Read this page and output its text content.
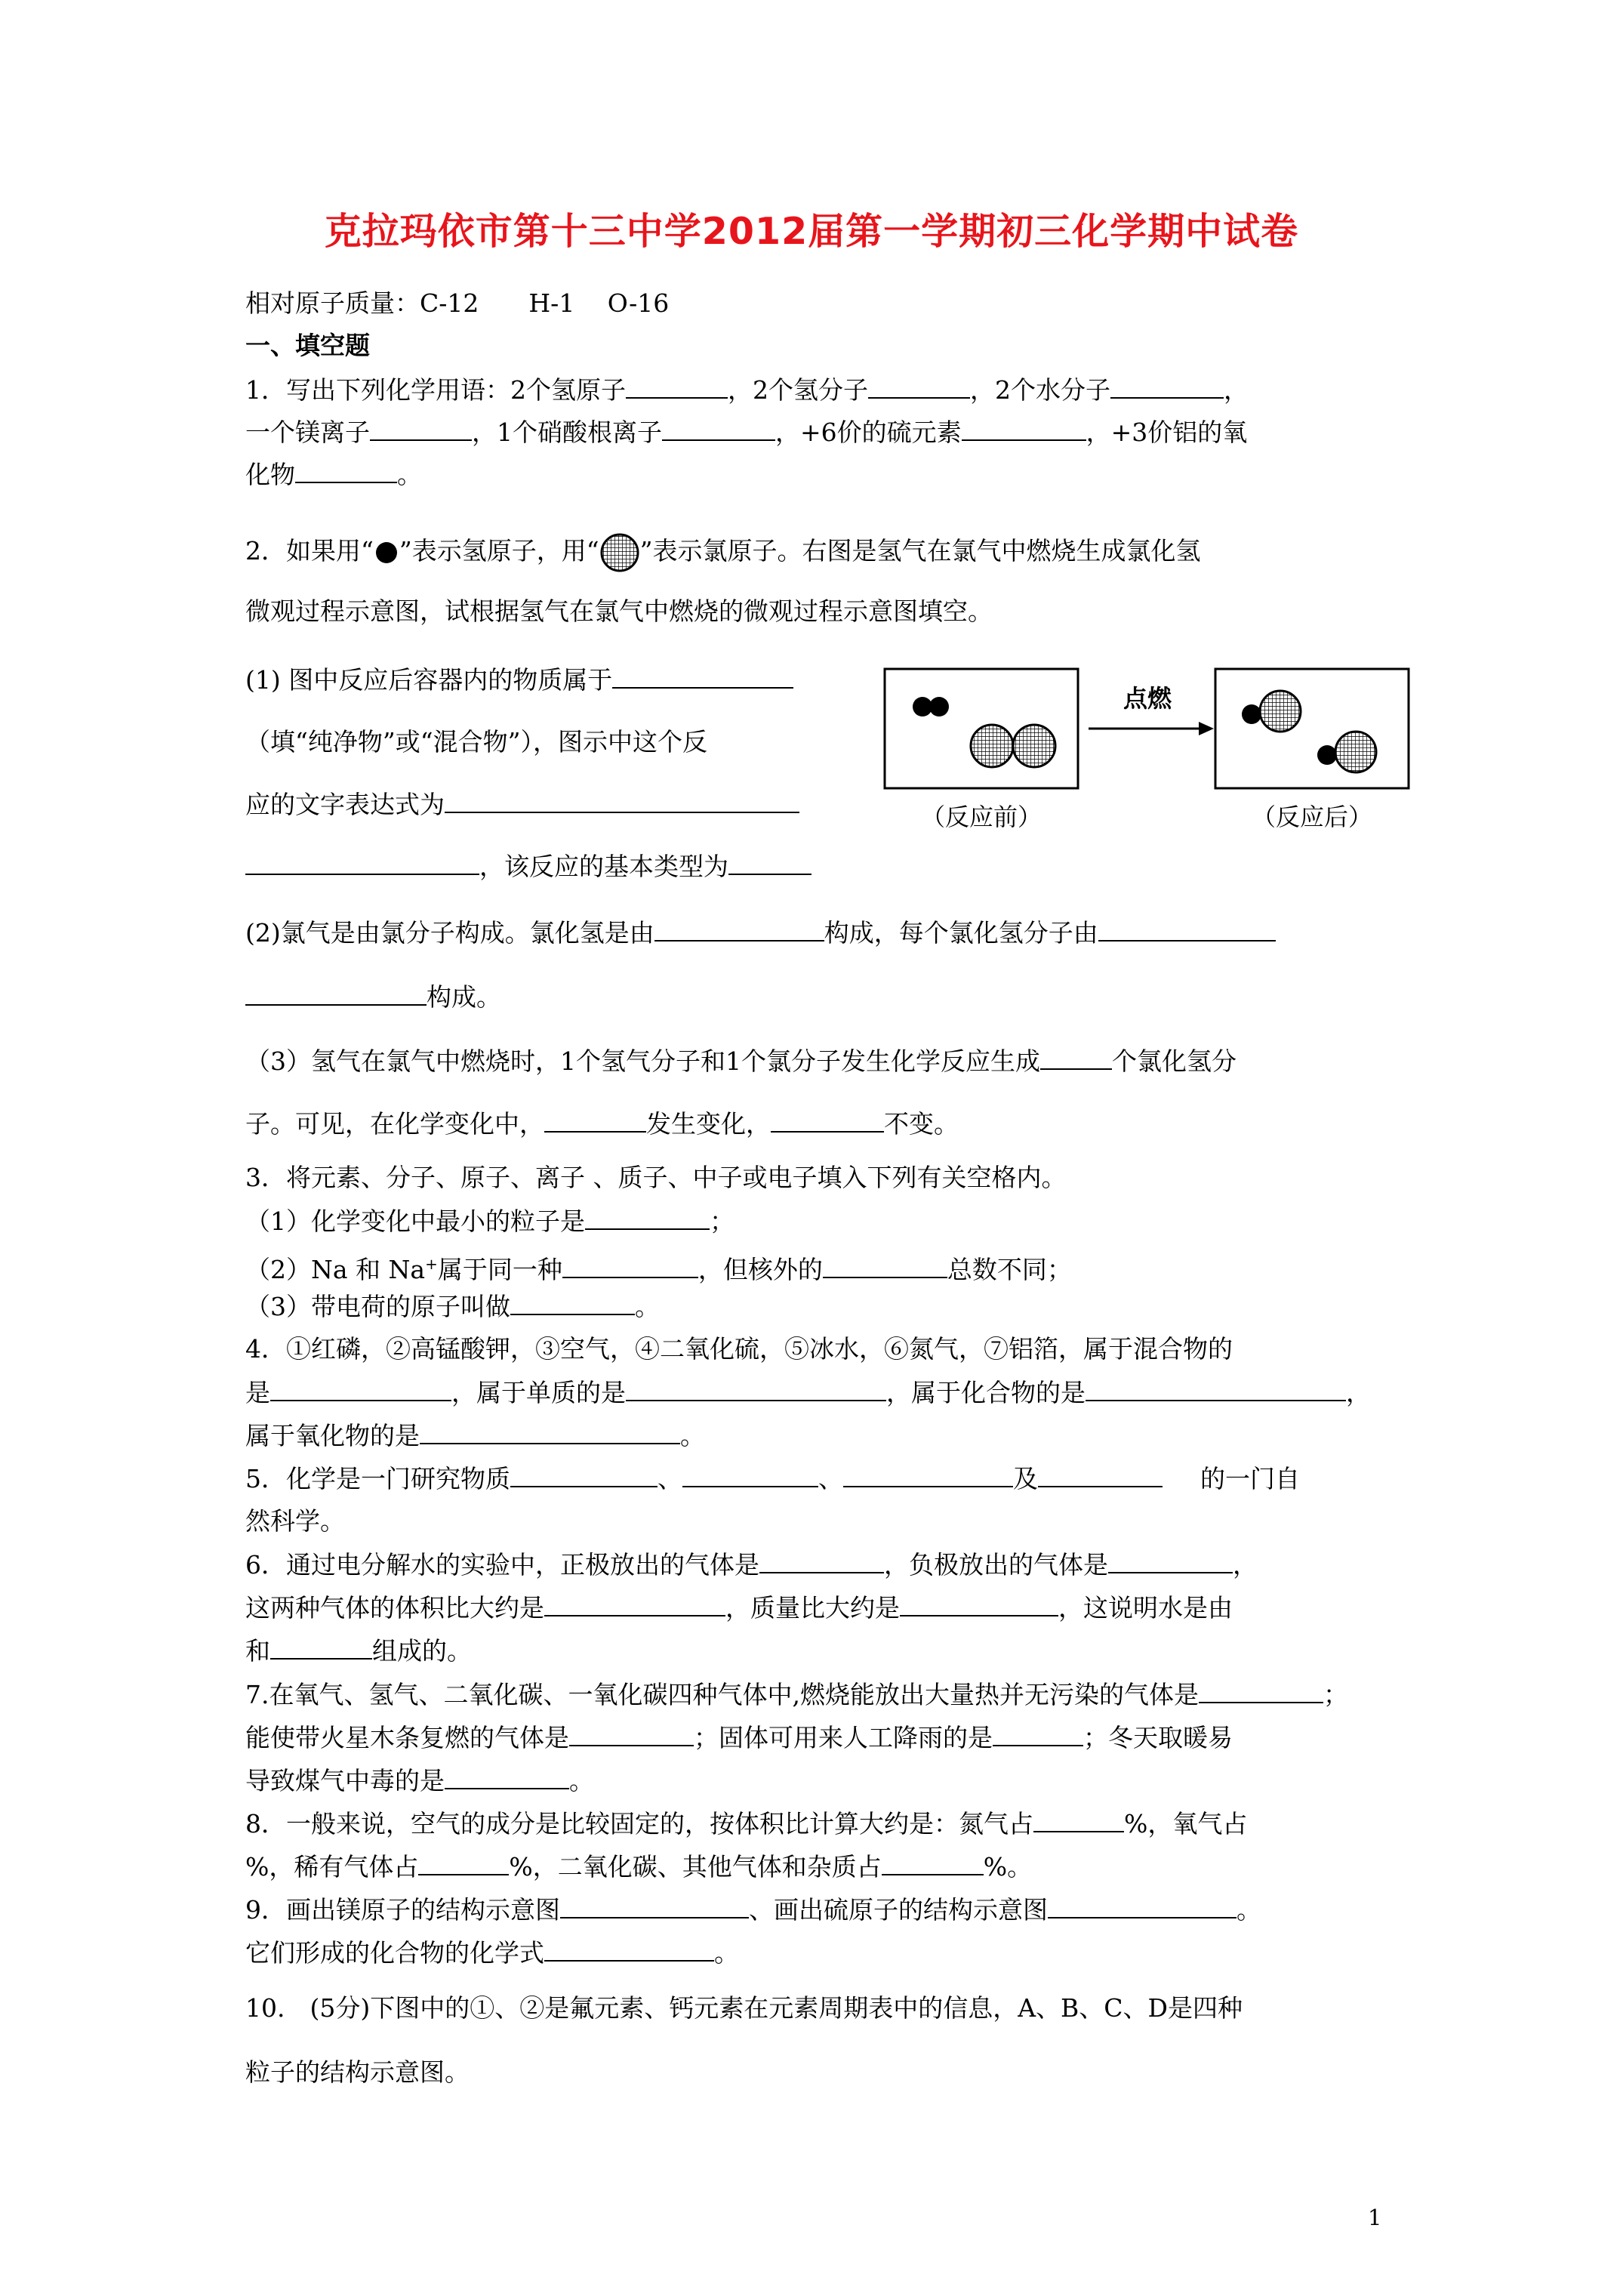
克拉玛依市第十三中学2012届第一学期初三化学期中试卷
相对原子质量：C-12　　H-1　 O-16
一、填空题
1．写出下列化学用语：2个氢原子	，2个氢分子	，2个水分子	，
一个镁离子	，1个硝酸根离子	，+6价的硫元素	，+3价铝的氧
化物	。
2．如果用“ ”表示氢原子，用“ ”表示氯原子。右图是氢气在氯气中燃烧生成氯化氢
微观过程示意图，试根据氢气在氯气中燃烧的微观过程示意图填空。
(1) 图中反应后容器内的物质属于
（填“纯净物”或“混合物”），图示中这个反
应的文字表达式为
，该反应的基本类型为
点燃
（反应前）	（反应后）
(2)氯气是由氯分子构成。氯化氢是由	构成，每个氯化氢分子由
构成。
（3）氢气在氯气中燃烧时，1个氢气分子和1个氯分子发生化学反应生成	个氯化氢分
子。可见，在化学变化中，	发生变化，	不变。
3．将元素、分子、原子、离子 、质子、中子或电子填入下列有关空格内。
（1）化学变化中最小的粒子是	；
（2）Na 和 Na+属于同一种	，但核外的	总数不同；
（3）带电荷的原子叫做	。
4．①红磷，②高锰酸钾，③空气，④二氧化硫，⑤冰水，⑥氮气，⑦铝箔，属于混合物的
是	，属于单质的是	，属于化合物的是	，
属于氧化物的是	。
5．化学是一门研究物质	、	、	及	的一门自
然科学。
6．通过电分解水的实验中，正极放出的气体是	，负极放出的气体是	，
这两种气体的体积比大约是	，质量比大约是	，这说明水是由
和	组成的。
7.在氧气、氢气、二氧化碳、一氧化碳四种气体中,燃烧能放出大量热并无污染的气体是	；
能使带火星木条复燃的气体是	；固体可用来人工降雨的是	；冬天取暖易
导致煤气中毒的是	。
8．一般来说，空气的成分是比较固定的，按体积比计算大约是：氮气占	%，氧气占
%，稀有气体占	%，二氧化碳、其他气体和杂质占	%。
9．画出镁原子的结构示意图	、画出硫原子的结构示意图	。
它们形成的化合物的化学式	。
10.　(5分)下图中的①、②是氟元素、钙元素在元素周期表中的信息，A、B、C、D是四种
粒子的结构示意图。
1
